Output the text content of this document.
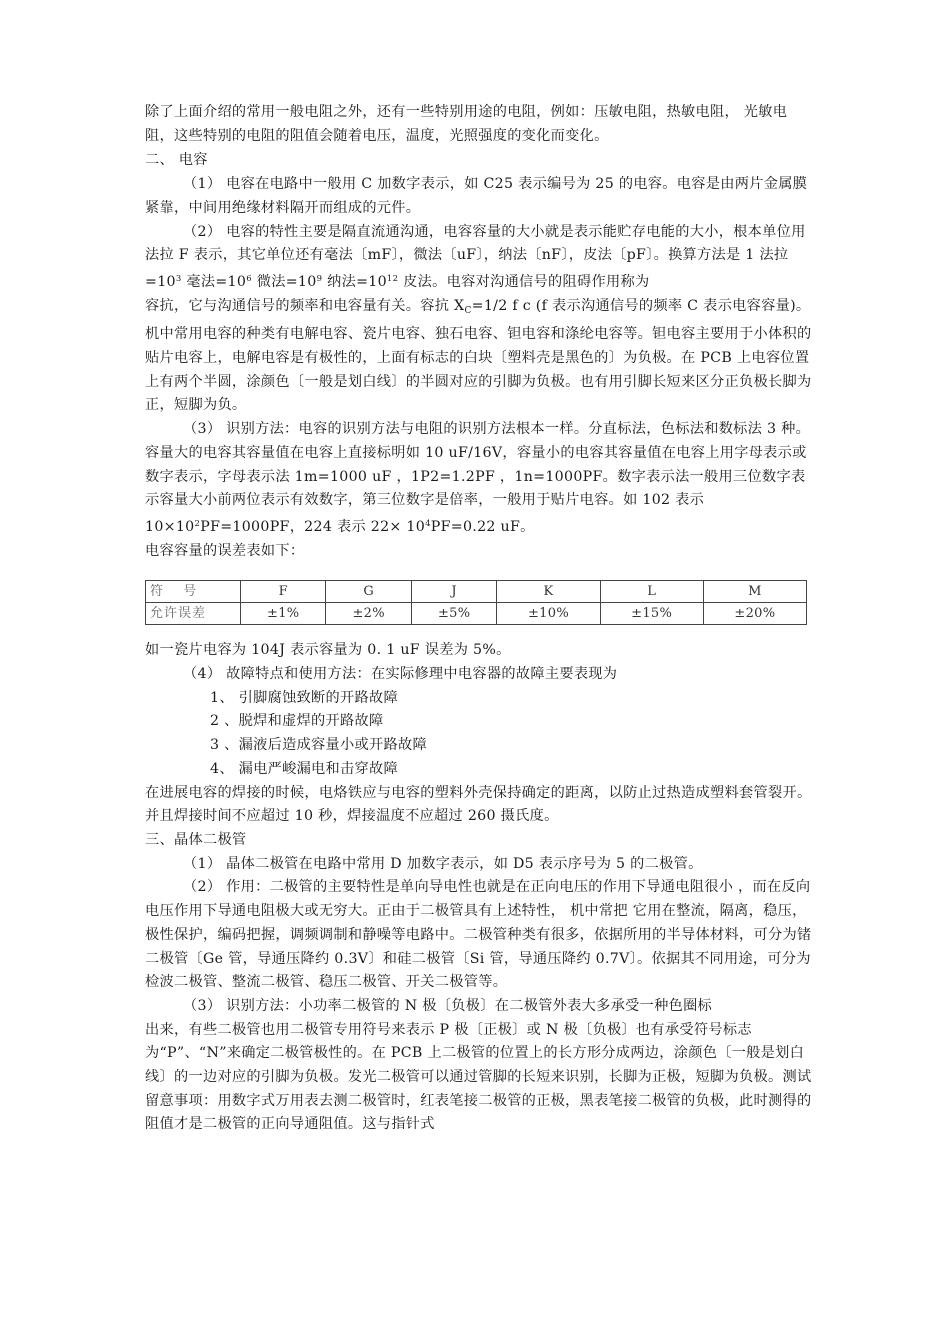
除了上面介绍的常用一般电阻之外，还有一些特别用途的电阻，例如：压敏电阻，热敏电阻， 光敏电阻，这些特别的电阻的阻值会随着电压，温度，光照强度的变化而变化。

二、 电容

（1） 电容在电路中一般用 C 加数字表示，如 C25 表示编号为 25 的电容。电容是由两片金属膜紧靠，中间用绝缘材料隔开而组成的元件。

（2） 电容的特性主要是隔直流通沟通，电容容量的大小就是表示能贮存电能的大小，根本单位用法拉 F 表示，其它单位还有毫法〔mF〕，微法〔uF〕，纳法〔nF〕，皮法〔pF〕。换算方法是 1 法拉$=10^3$ 毫法$=10^6$ 微法$=10^9$ 纳法$=10^{12}$ 皮法。电容对沟通信号的阻碍作用称为

容抗，它与沟通信号的频率和电容量有关。容抗 $X_C=1/2$ f c (f 表示沟通信号的频率 C 表示电容容量)。 机中常用电容的种类有电解电容、瓷片电容、独石电容、钽电容和涤纶电容等。钽电容主要用于小体积的贴片电容上，电解电容是有极性的，上面有标志的白块〔塑料壳是黑色的〕为负极。在 PCB 上电容位置上有两个半圆，涂颜色〔一般是划白线〕的半圆对应的引脚为负极。也有用引脚长短来区分正负极长脚为正，短脚为负。

（3） 识别方法：电容的识别方法与电阻的识别方法根本一样。分直标法，色标法和数标法 3 种。容量大的电容其容量值在电容上直接标明如 10 uF/16V，容量小的电容其容量值在电容上用字母表示或数字表示，字母表示法 1m=1000 uF ，1P2=1.2PF ，1n=1000PF。数字表示法一般用三位数字表示容量大小前两位表示有效数字，第三位数字是倍率，一般用于贴片电容。如 102 表示 $10\times 10^2PF=1000PF$，224 表示 $22\times 10^4PF=0.22$ uF。

电容容量的误差表如下：

符 号	F	G	J	K	L	M
允许误差	±1%	±2%	±5%	±10%	±15%	±20%

如一瓷片电容为 104J 表示容量为 0. 1 uF 误差为 5%。

（4） 故障特点和使用方法：在实际修理中电容器的故障主要表现为

1、 引脚腐蚀致断的开路故障

2 、脱焊和虚焊的开路故障

3 、漏液后造成容量小或开路故障

4、 漏电严峻漏电和击穿故障

在进展电容的焊接的时候，电烙铁应与电容的塑料外壳保持确定的距离，以防止过热造成塑料套管裂开。并且焊接时间不应超过 10 秒，焊接温度不应超过 260 摄氏度。

三、晶体二极管

（1） 晶体二极管在电路中常用 D 加数字表示，如 D5 表示序号为 5 的二极管。

（2） 作用：二极管的主要特性是单向导电性也就是在正向电压的作用下导通电阻很小 ，而在反向电压作用下导通电阻极大或无穷大。正由于二极管具有上述特性， 机中常把 它用在整流，隔离，稳压，极性保护，编码把握，调频调制和静噪等电路中。二极管种类有很多，依据所用的半导体材料，可分为锗二极管〔Ge 管，导通压降约 0.3V〕和硅二极管〔Si 管，导通压降约 0.7V〕。依据其不同用途，可分为检波二极管、整流二极管、稳压二极管、开关二极管等。

（3） 识别方法：小功率二极管的 N 极〔负极〕在二极管外表大多承受一种色圈标

出来，有些二极管也用二极管专用符号来表示 P 极〔正极〕或 N 极〔负极〕也有承受符号标志为“P”、“N”来确定二极管极性的。在 PCB 上二极管的位置上的长方形分成两边，涂颜色〔一般是划白线〕的一边对应的引脚为负极。发光二极管可以通过管脚的长短来识别，长脚为正极，短脚为负极。测试留意事项：用数字式万用表去测二极管时，红表笔接二极管的正极，黑表笔接二极管的负极，此时测得的阻值才是二极管的正向导通阻值。这与指针式
